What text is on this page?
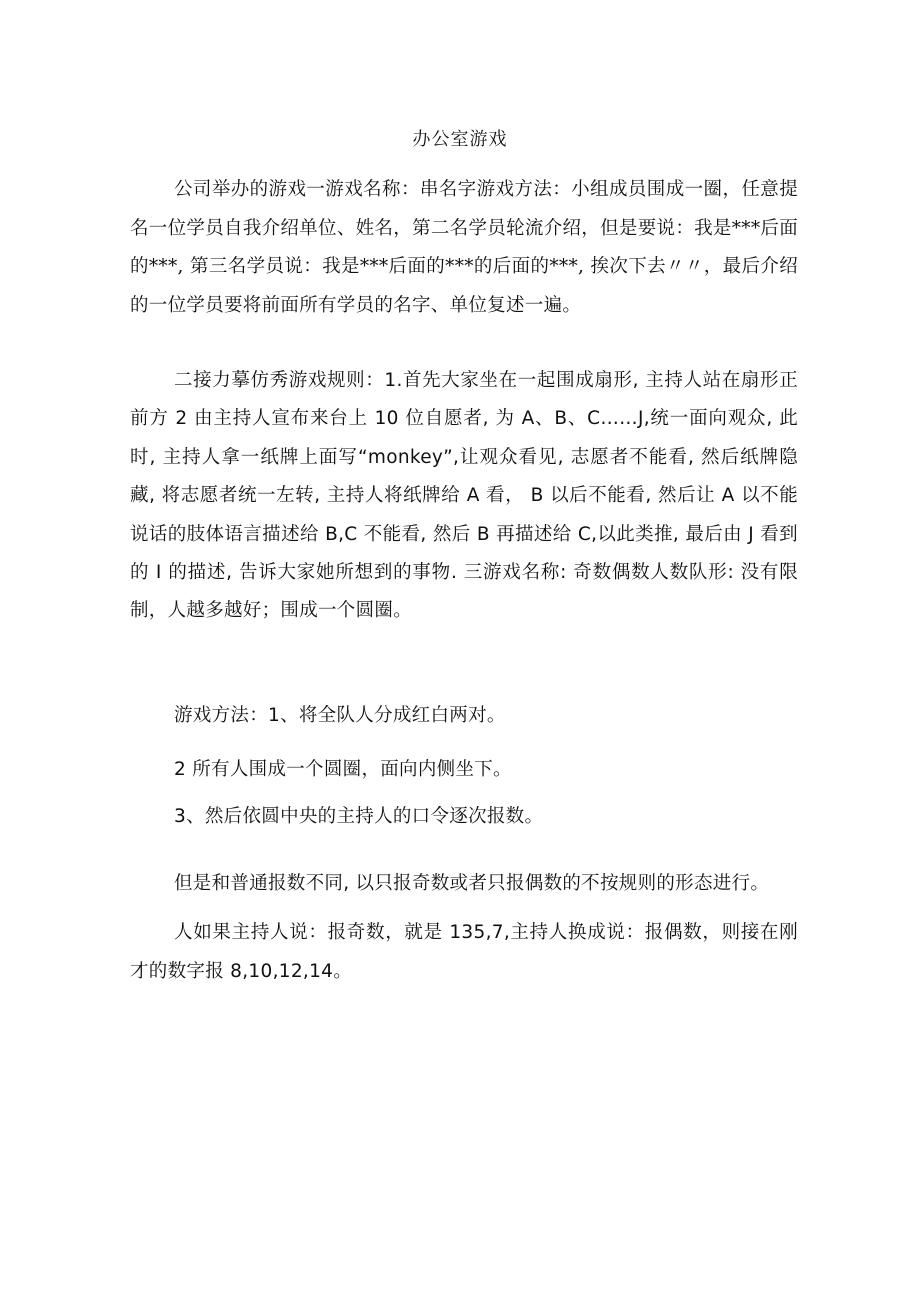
办公室游戏

公司举办的游戏一游戏名称：串名字游戏方法：小组成员围成一圈，任意提名一位学员自我介绍单位、姓名，第二名学员轮流介绍，但是要说：我是***后面的***, 第三名学员说：我是***后面的***的后面的***, 挨次下去〃〃，最后介绍的一位学员要将前面所有学员的名字、单位复述一遍。

二接力摹仿秀游戏规则：1.首先大家坐在一起围成扇形, 主持人站在扇形正前方 2 由主持人宣布来台上 10 位自愿者, 为 A、B、C……J,统一面向观众, 此时, 主持人拿一纸牌上面写“monkey”,让观众看见, 志愿者不能看, 然后纸牌隐藏, 将志愿者统一左转, 主持人将纸牌给 A 看， B 以后不能看, 然后让 A 以不能说话的肢体语言描述给 B,C 不能看, 然后 B 再描述给 C,以此类推, 最后由 J 看到的 I 的描述, 告诉大家她所想到的事物. 三游戏名称: 奇数偶数人数队形: 没有限制，人越多越好；围成一个圆圈。

游戏方法：1、将全队人分成红白两对。

2 所有人围成一个圆圈，面向内侧坐下。

3、然后依圆中央的主持人的口令逐次报数。

但是和普通报数不同, 以只报奇数或者只报偶数的不按规则的形态进行。

人如果主持人说：报奇数，就是 135,7,主持人换成说：报偶数，则接在刚才的数字报 8,10,12,14。
